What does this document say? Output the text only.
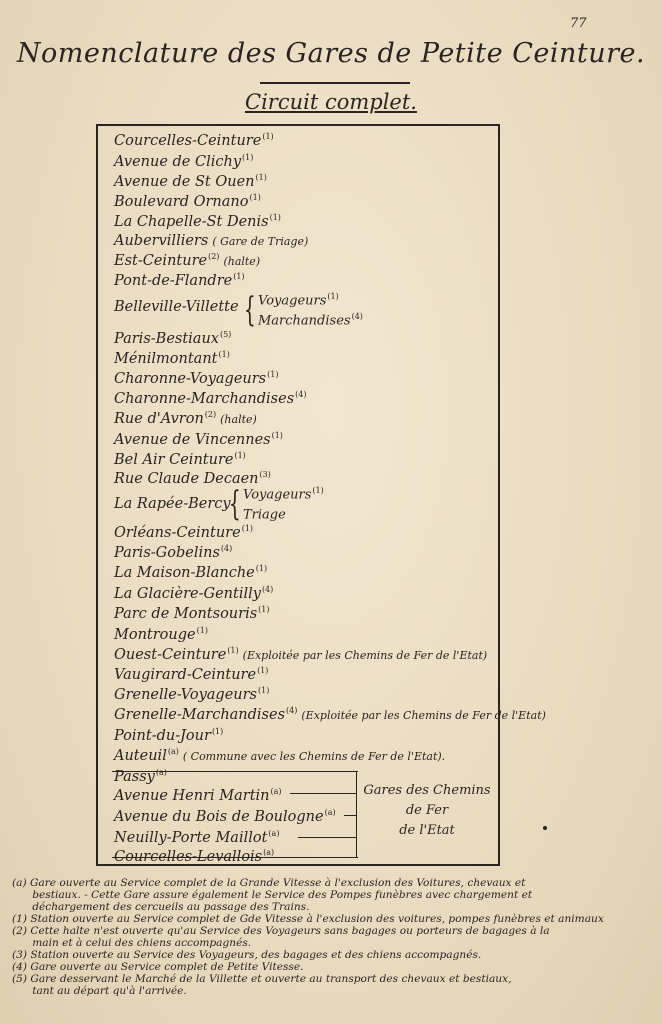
77
Nomenclature des Gares de Petite Ceinture.
Circuit complet.
Courcelles-Ceinture$^{(1)}$
Avenue de Clichy$^{(1)}$
Avenue de St Ouen$^{(1)}$
Boulevard Ornano$^{(1)}$
La Chapelle-St Denis$^{(1)}$
Aubervilliers ( Gare de Triage)
Est-Ceinture$^{(2)}$ (halte)
Pont-de-Flandre$^{(1)}$
Belleville-Villette
Paris-Bestiaux$^{(5)}$
Ménilmontant$^{(1)}$
Charonne-Voyageurs$^{(1)}$
Charonne-Marchandises$^{(4)}$
Rue d'Avron$^{(2)}$ (halte)
Avenue de Vincennes$^{(1)}$
Bel Air Ceinture$^{(1)}$
Rue Claude Decaen$^{(3)}$
La Rapée-Bercy
Orléans-Ceinture$^{(1)}$
Paris-Gobelins$^{(4)}$
La Maison-Blanche$^{(1)}$
La Glacière-Gentilly$^{(4)}$
Parc de Montsouris$^{(1)}$
Montrouge$^{(1)}$
Ouest-Ceinture$^{(1)}$ (Exploitée par les Chemins de Fer de l'Etat)
Vaugirard-Ceinture$^{(1)}$
Grenelle-Voyageurs$^{(1)}$
Grenelle-Marchandises$^{(4)}$ (Exploitée par les Chemins de Fer de l'Etat)
Point-du-Jour$^{(1)}$
Auteuil$^{(a)}$ ( Commune avec les Chemins de Fer de l'Etat).
Passy$^{(a)}$
Avenue Henri Martin$^{(a)}$
Avenue du Bois de Boulogne$^{(a)}$
Neuilly-Porte Maillot$^{(a)}$
Courcelles-Levallois$^{(a)}$
{ Voyageurs$^{(1)}$
Marchandises$^{(4)}$
{ Voyageurs$^{(1)}$
Triage
Gares des Chemins
de Fer
de l'Etat
(a) Gare ouverte au Service complet de la Grande Vitesse à l'exclusion des Voitures, chevaux et
bestiaux. - Cette Gare assure également le Service des Pompes funèbres avec chargement et
déchargement des cercueils au passage des Trains.
(1) Station ouverte au Service complet de Gde Vitesse à l'exclusion des voitures, pompes funèbres et animaux
(2) Cette halte n'est ouverte qu'au Service des Voyageurs sans bagages ou porteurs de bagages à la
main et à celui des chiens accompagnés.
(3) Station ouverte au Service des Voyageurs, des bagages et des chiens accompagnés.
(4) Gare ouverte au Service complet de Petite Vitesse.
(5) Gare desservant le Marché de la Villette et ouverte au transport des chevaux et bestiaux,
tant au départ qu'à l'arrivée.
